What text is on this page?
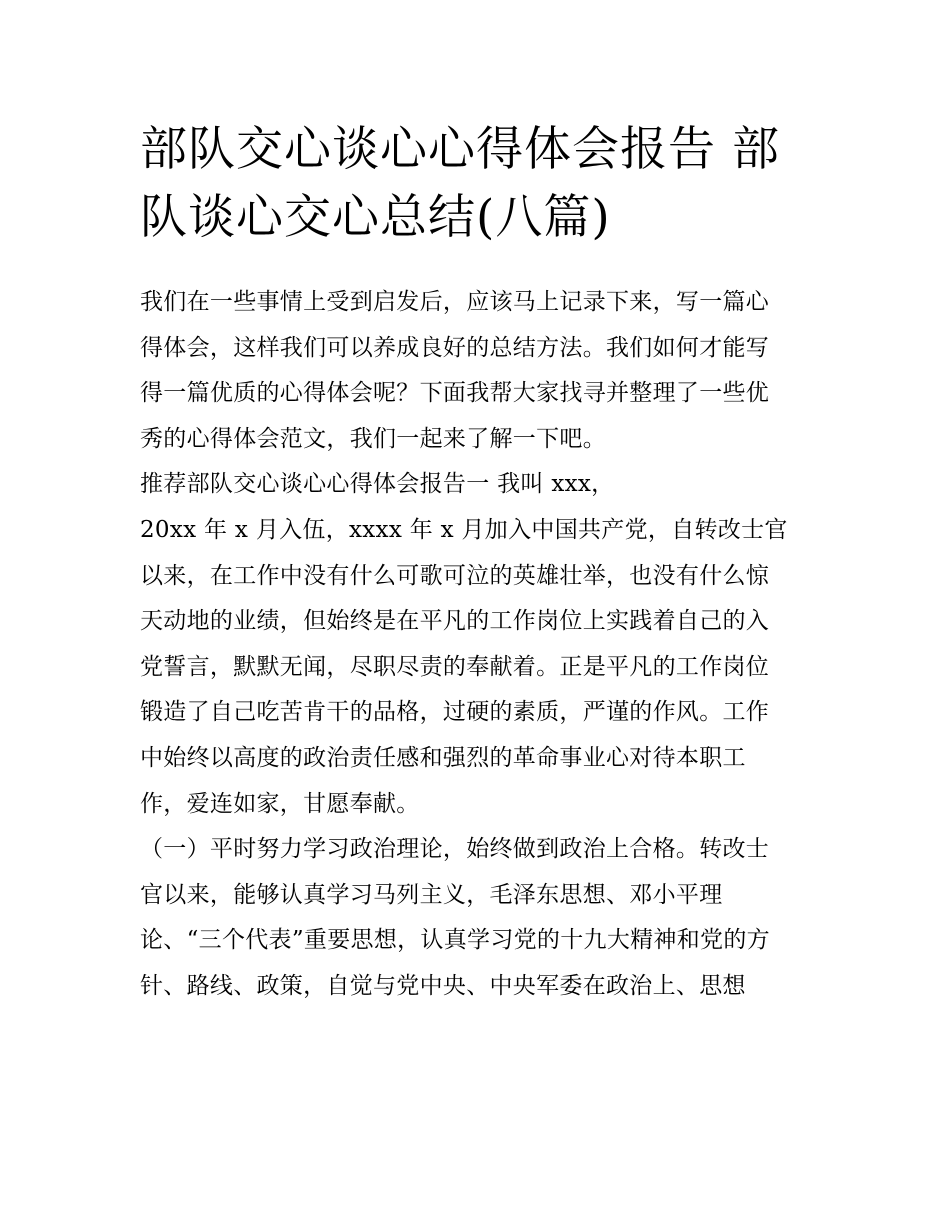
部队交心谈心心得体会报告 部
队谈心交心总结(八篇)
我们在一些事情上受到启发后，应该马上记录下来，写一篇心
得体会，这样我们可以养成良好的总结方法。我们如何才能写
得一篇优质的心得体会呢？下面我帮大家找寻并整理了一些优
秀的心得体会范文，我们一起来了解一下吧。
推荐部队交心谈心心得体会报告一 我叫 xxx，
20xx 年 x 月入伍，xxxx 年 x 月加入中国共产党，自转改士官
以来，在工作中没有什么可歌可泣的英雄壮举，也没有什么惊
天动地的业绩，但始终是在平凡的工作岗位上实践着自己的入
党誓言，默默无闻，尽职尽责的奉献着。正是平凡的工作岗位
锻造了自己吃苦肯干的品格，过硬的素质，严谨的作风。工作
中始终以高度的政治责任感和强烈的革命事业心对待本职工
作，爱连如家，甘愿奉献。
（一）平时努力学习政治理论，始终做到政治上合格。转改士
官以来，能够认真学习马列主义，毛泽东思想、邓小平理
论、“三个代表”重要思想，认真学习党的十九大精神和党的方
针、路线、政策，自觉与党中央、中央军委在政治上、思想
